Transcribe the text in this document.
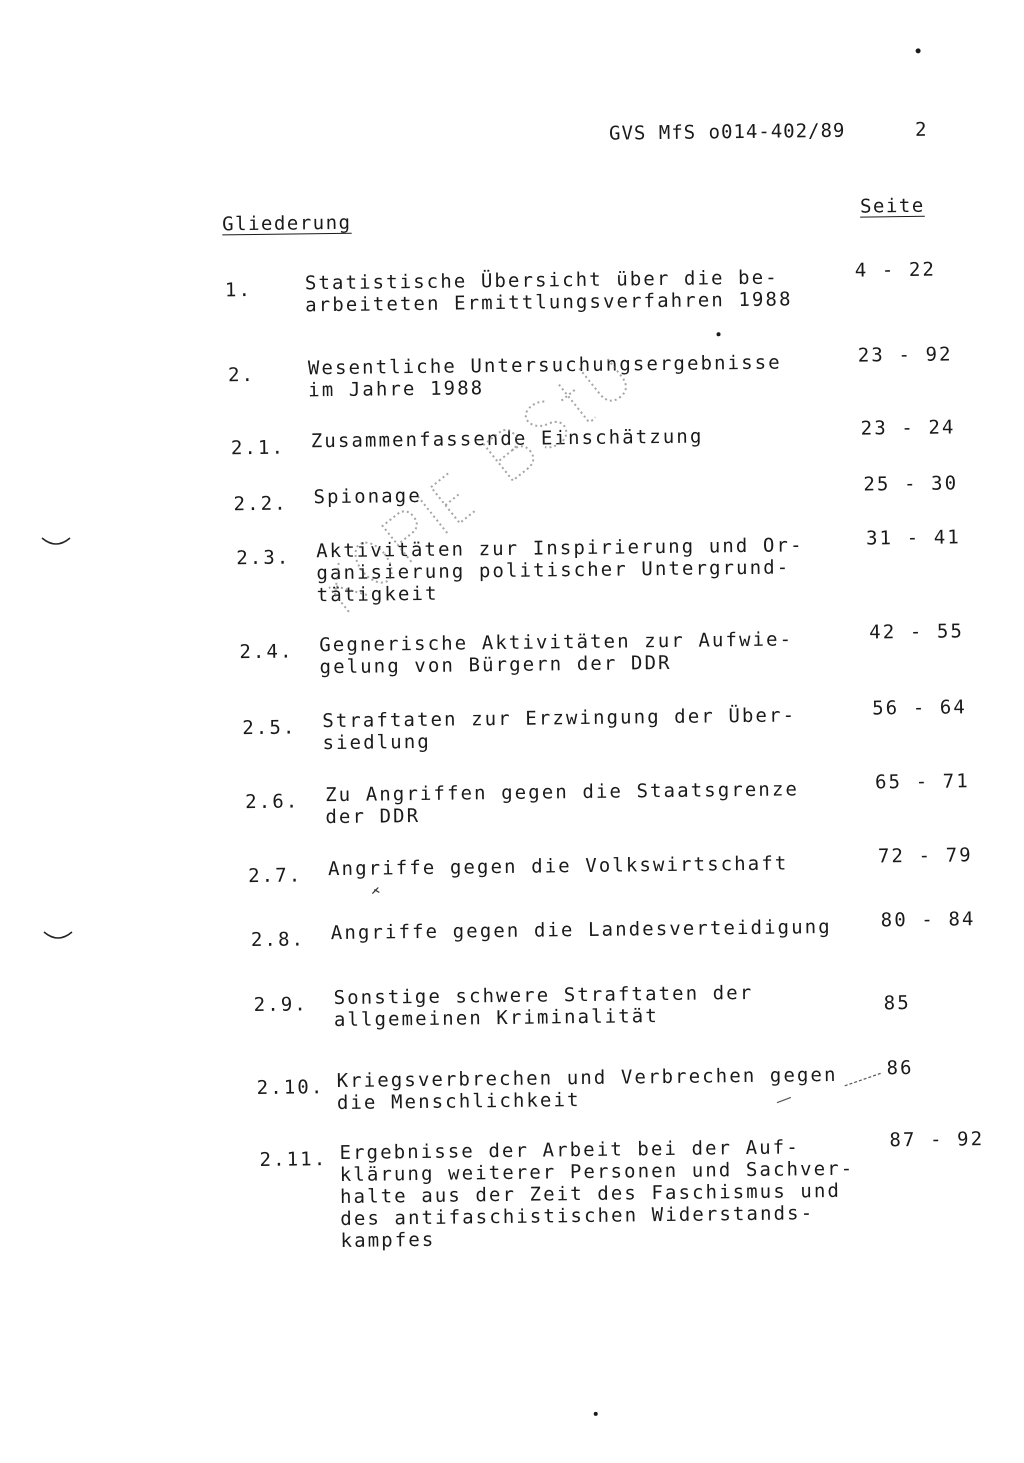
GVS MfS o014-402/89	2
Gliederung
Seite
1.	Statistische Übersicht über die be-
arbeiteten Ermittlungsverfahren 1988
4 - 22
2.	Wesentliche Untersuchungsergebnisse
im Jahre 1988
23 - 92
2.1. Zusammenfassende Einschätzung	23 - 24
2.2. Spionage
25 - 30
2.3. Aktivitäten zur Inspirierung und Or-
ganisierung politischer Untergrund-
tätigkeit
31 - 41
2.4. Gegnerische Aktivitäten zur Aufwie-
gelung von Bürgern der DDR
42 - 55
2.5. Straftaten zur Erzwingung der Über-
siedlung
56 - 64
2.6. Zu Angriffen gegen die Staatsgrenze
der DDR
65 - 71
2.7. Angriffe gegen die Volkswirtschaft	72 - 79
2.8. Angriffe gegen die Landesverteidigung	80 - 84
2.9. Sonstige schwere Straftaten der
allgemeinen Kriminalität
85
2.10. Kriegsverbrechen und Verbrechen gegen
die Menschlichkeit
86
2.11. Ergebnisse der Arbeit bei der Auf-
klärung weiterer Personen und Sachver-
halte aus der Zeit des Faschismus und
des antifaschistischen Widerstands-
kampfes
87 - 92
